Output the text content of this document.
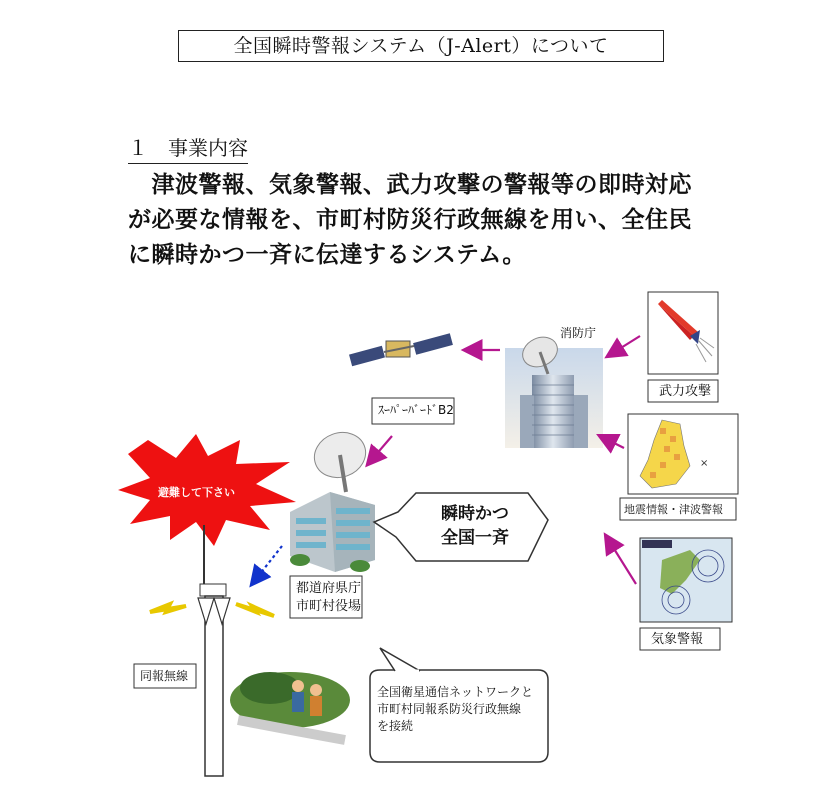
全国瞬時警報システム（J-Alert）について
１　事業内容
　津波警報、気象警報、武力攻撃の警報等の即時対応
が必要な情報を、市町村防災行政無線を用い、全住民
に瞬時かつ一斉に伝達するシステム。
×
ｽｰﾊﾟｰﾊﾞｰﾄﾞB2
消防庁
武力攻撃
地震情報・津波警報
気象警報
都道府県庁
市町村役場
避難して下さい
瞬時かつ
全国一斉
同報無線
全国衛星通信ネットワークと
市町村同報系防災行政無線
を接続
